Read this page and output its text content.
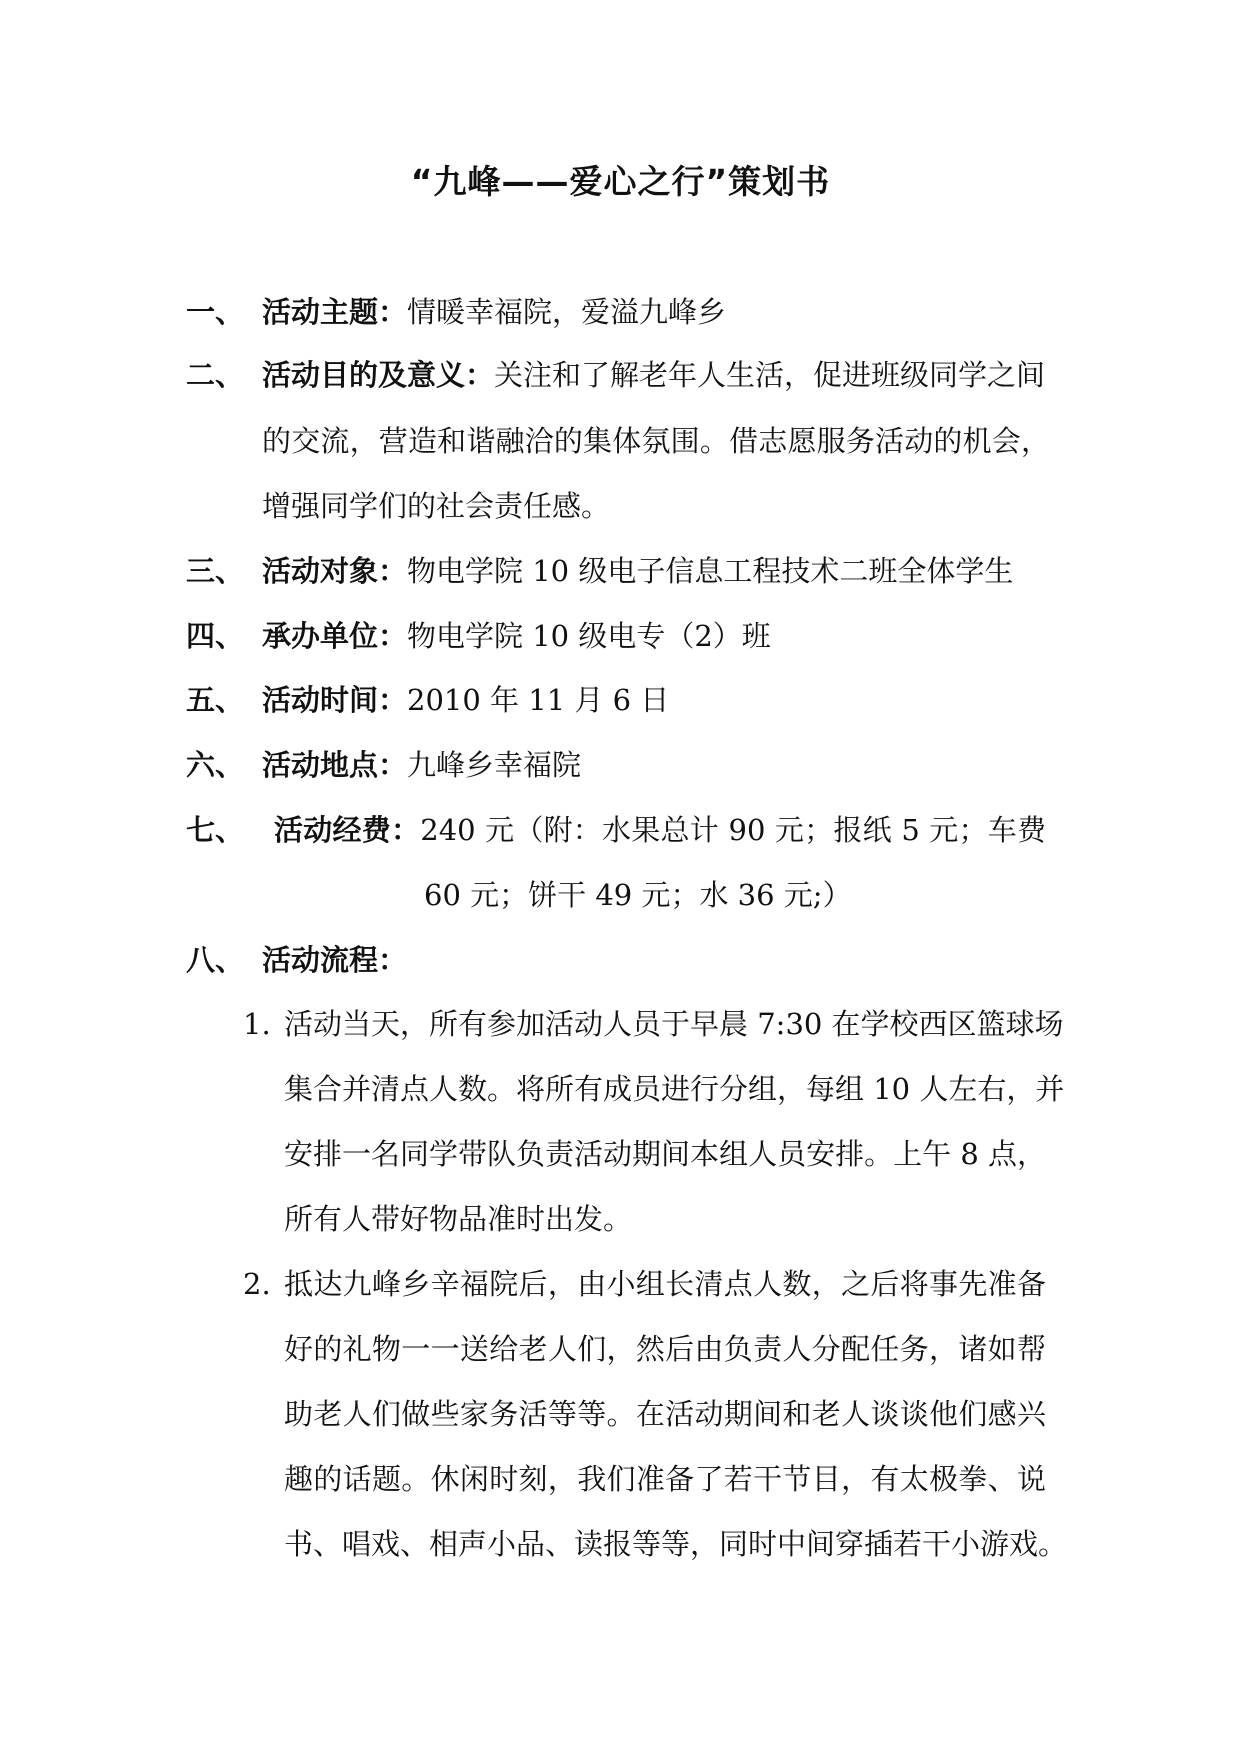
“九峰——爱心之行”策划书
一、 活动主题：情暖幸福院，爱溢九峰乡
二、 活动目的及意义：关注和了解老年人生活，促进班级同学之间
的交流，营造和谐融洽的集体氛围。借志愿服务活动的机会，
增强同学们的社会责任感。
三、 活动对象：物电学院 10 级电子信息工程技术二班全体学生
四、 承办单位：物电学院 10 级电专（2）班
五、 活动时间：2010 年 11 月 6 日
六、 活动地点：九峰乡幸福院
七、 活动经费：240 元（附：水果总计 90 元；报纸 5 元；车费
60 元；饼干 49 元；水 36 元;）
八、 活动流程：
1. 活动当天，所有参加活动人员于早晨 7:30 在学校西区篮球场
集合并清点人数。将所有成员进行分组，每组 10 人左右，并
安排一名同学带队负责活动期间本组人员安排。上午 8 点，
所有人带好物品准时出发。
2. 抵达九峰乡辛福院后，由小组长清点人数，之后将事先准备
好的礼物一一送给老人们，然后由负责人分配任务，诸如帮
助老人们做些家务活等等。在活动期间和老人谈谈他们感兴
趣的话题。休闲时刻，我们准备了若干节目，有太极拳、说
书、唱戏、相声小品、读报等等，同时中间穿插若干小游戏。
